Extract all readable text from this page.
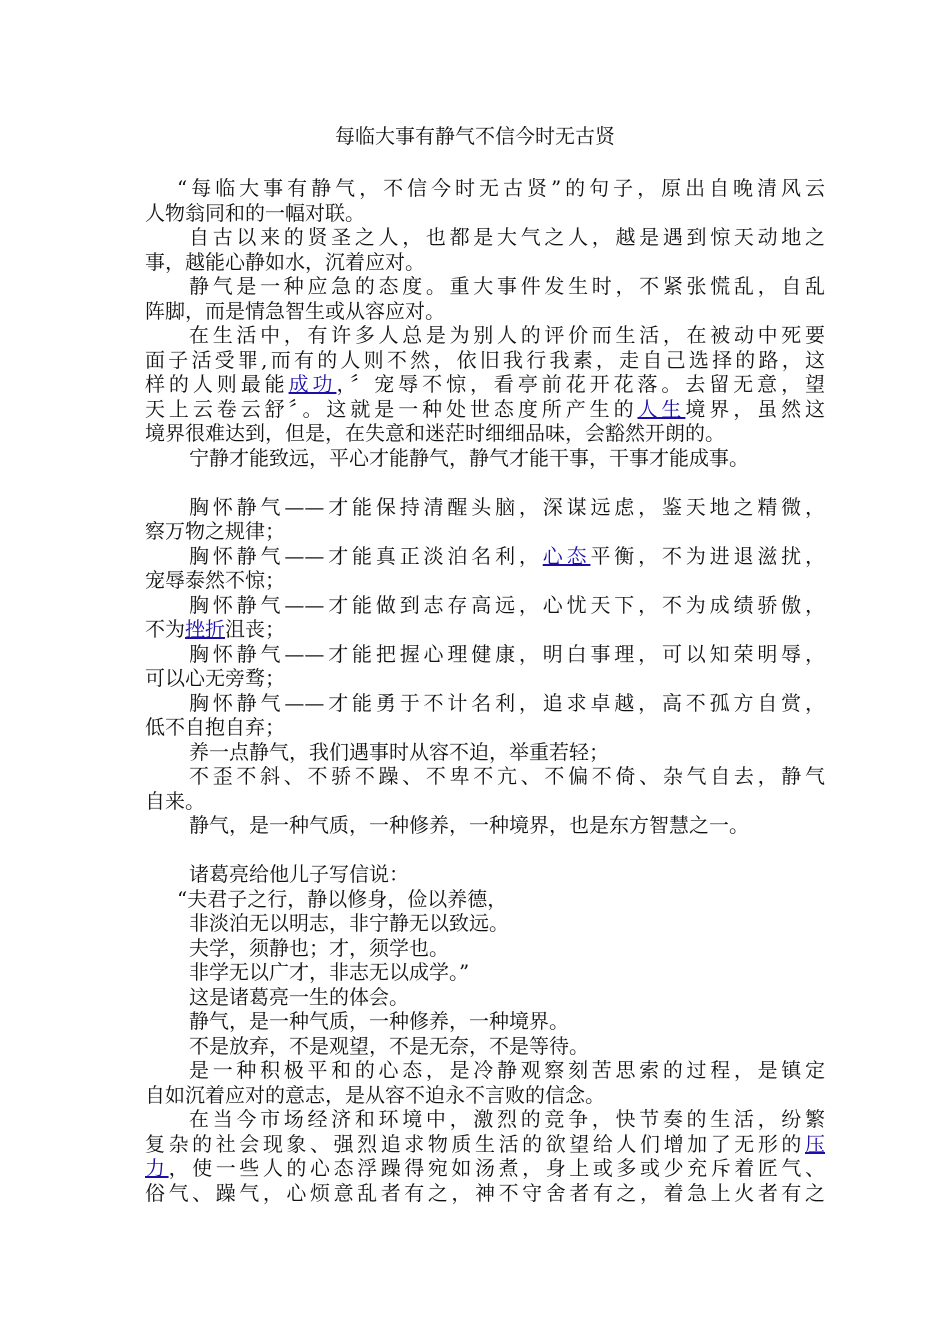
每临大事有静气不信今时无古贤
“每临大事有静气，不信今时无古贤”的句子，原出自晚清风云
人物翁同和的一幅对联。
自古以来的贤圣之人，也都是大气之人，越是遇到惊天动地之
事，越能心静如水，沉着应对。
静气是一种应急的态度。重大事件发生时，不紧张慌乱，自乱
阵脚，而是情急智生或从容应对。
在生活中，有许多人总是为别人的评价而生活，在被动中死要
面子活受罪,而有的人则不然，依旧我行我素，走自己选择的路，这
样的人则最能成功，〞宠辱不惊，看亭前花开花落。去留无意，望
天上云卷云舒〞。这就是一种处世态度所产生的人生境界，虽然这
境界很难达到，但是，在失意和迷茫时细细品味，会豁然开朗的。
宁静才能致远，平心才能静气，静气才能干事，干事才能成事。
胸怀静气——才能保持清醒头脑，深谋远虑，鉴天地之精微，
察万物之规律；
胸怀静气——才能真正淡泊名利，心态平衡，不为进退滋扰，
宠辱泰然不惊；
胸怀静气——才能做到志存高远，心忧天下，不为成绩骄傲，
不为挫折沮丧；
胸怀静气——才能把握心理健康，明白事理，可以知荣明辱，
可以心无旁骛；
胸怀静气——才能勇于不计名利，追求卓越，高不孤方自赏，
低不自抱自弃；
养一点静气，我们遇事时从容不迫，举重若轻；
不歪不斜、不骄不躁、不卑不亢、不偏不倚、杂气自去，静气
自来。
静气，是一种气质，一种修养，一种境界，也是东方智慧之一。
诸葛亮给他儿子写信说：
“夫君子之行，静以修身，俭以养德，
非淡泊无以明志，非宁静无以致远。
夫学，须静也；才，须学也。
非学无以广才，非志无以成学。”
这是诸葛亮一生的体会。
静气，是一种气质，一种修养，一种境界。
不是放弃，不是观望，不是无奈，不是等待。
是一种积极平和的心态，是冷静观察刻苦思索的过程，是镇定
自如沉着应对的意志，是从容不迫永不言败的信念。
在当今市场经济和环境中，激烈的竞争，快节奏的生活，纷繁
复杂的社会现象、强烈追求物质生活的欲望给人们增加了无形的压
力，使一些人的心态浮躁得宛如汤煮，身上或多或少充斥着匠气、
俗气、躁气，心烦意乱者有之，神不守舍者有之，着急上火者有之
